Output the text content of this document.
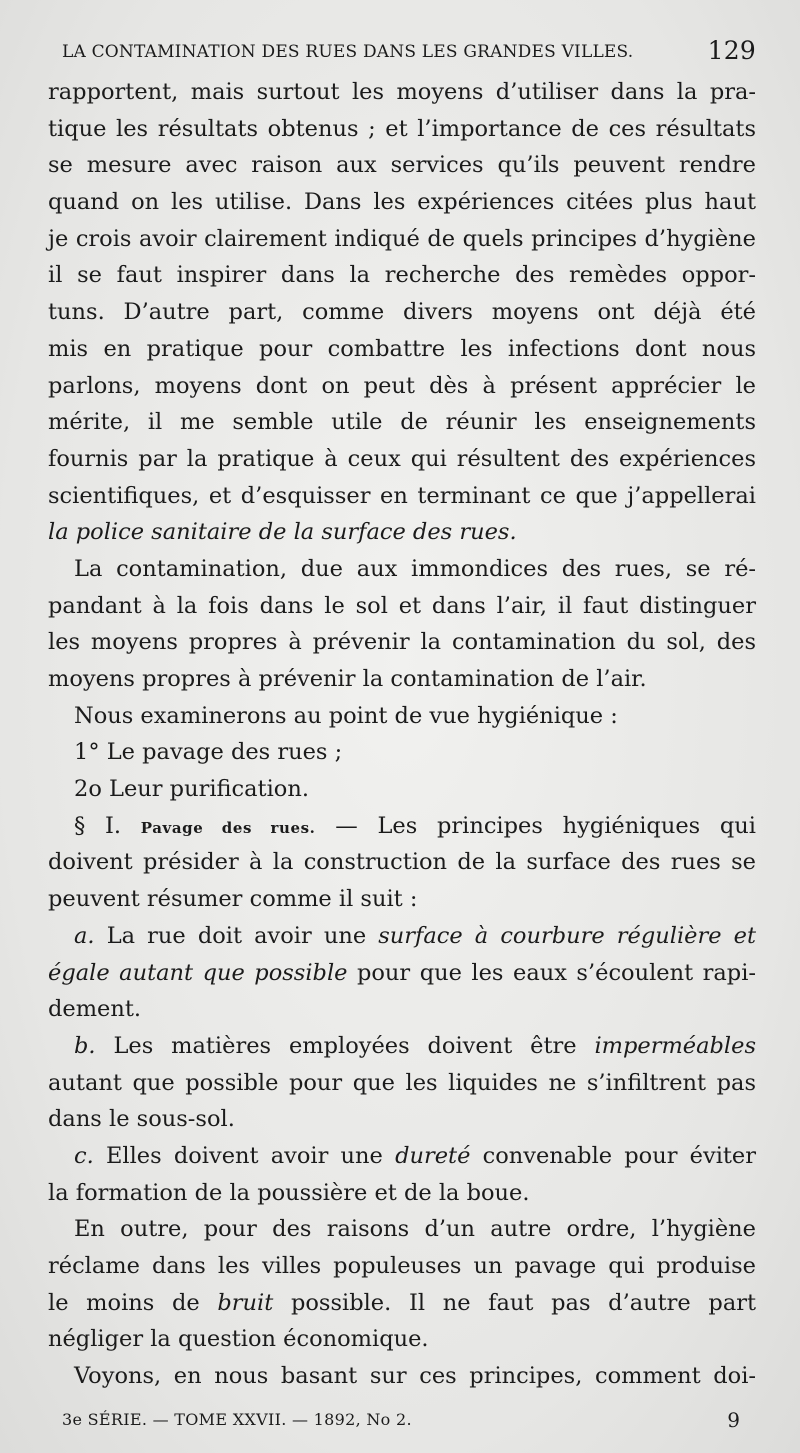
LA CONTAMINATION DES RUES DANS LES GRANDES VILLES.	129
rapportent, mais surtout les moyens d’utiliser dans la pra-
tique les résultats obtenus ; et l’importance de ces résultats
se mesure avec raison aux services qu’ils peuvent rendre
quand on les utilise. Dans les expériences citées plus haut
je crois avoir clairement indiqué de quels principes d’hygiène
il se faut inspirer dans la recherche des remèdes oppor-
tuns. D’autre part, comme divers moyens ont déjà été
mis en pratique pour combattre les infections dont nous
parlons, moyens dont on peut dès à présent apprécier le
mérite, il me semble utile de réunir les enseignements
fournis par la pratique à ceux qui résultent des expériences
scientifiques, et d’esquisser en terminant ce que j’appellerai
la police sanitaire de la surface des rues.
La contamination, due aux immondices des rues, se ré-
pandant à la fois dans le sol et dans l’air, il faut distinguer
les moyens propres à prévenir la contamination du sol, des
moyens propres à prévenir la contamination de l’air.
Nous examinerons au point de vue hygiénique :
1° Le pavage des rues ;
2o Leur purification.
§ I. Pavage des rues. — Les principes hygiéniques qui
doivent présider à la construction de la surface des rues se
peuvent résumer comme il suit :
a. La rue doit avoir une surface à courbure régulière et
égale autant que possible pour que les eaux s’écoulent rapi-
dement.
b. Les matières employées doivent être imperméables
autant que possible pour que les liquides ne s’infiltrent pas
dans le sous-sol.
c. Elles doivent avoir une dureté convenable pour éviter
la formation de la poussière et de la boue.
En outre, pour des raisons d’un autre ordre, l’hygiène
réclame dans les villes populeuses un pavage qui produise
le moins de bruit possible. Il ne faut pas d’autre part
négliger la question économique.
Voyons, en nous basant sur ces principes, comment doi-
3e SÉRIE. — TOME XXVII. — 1892, No 2.	9
